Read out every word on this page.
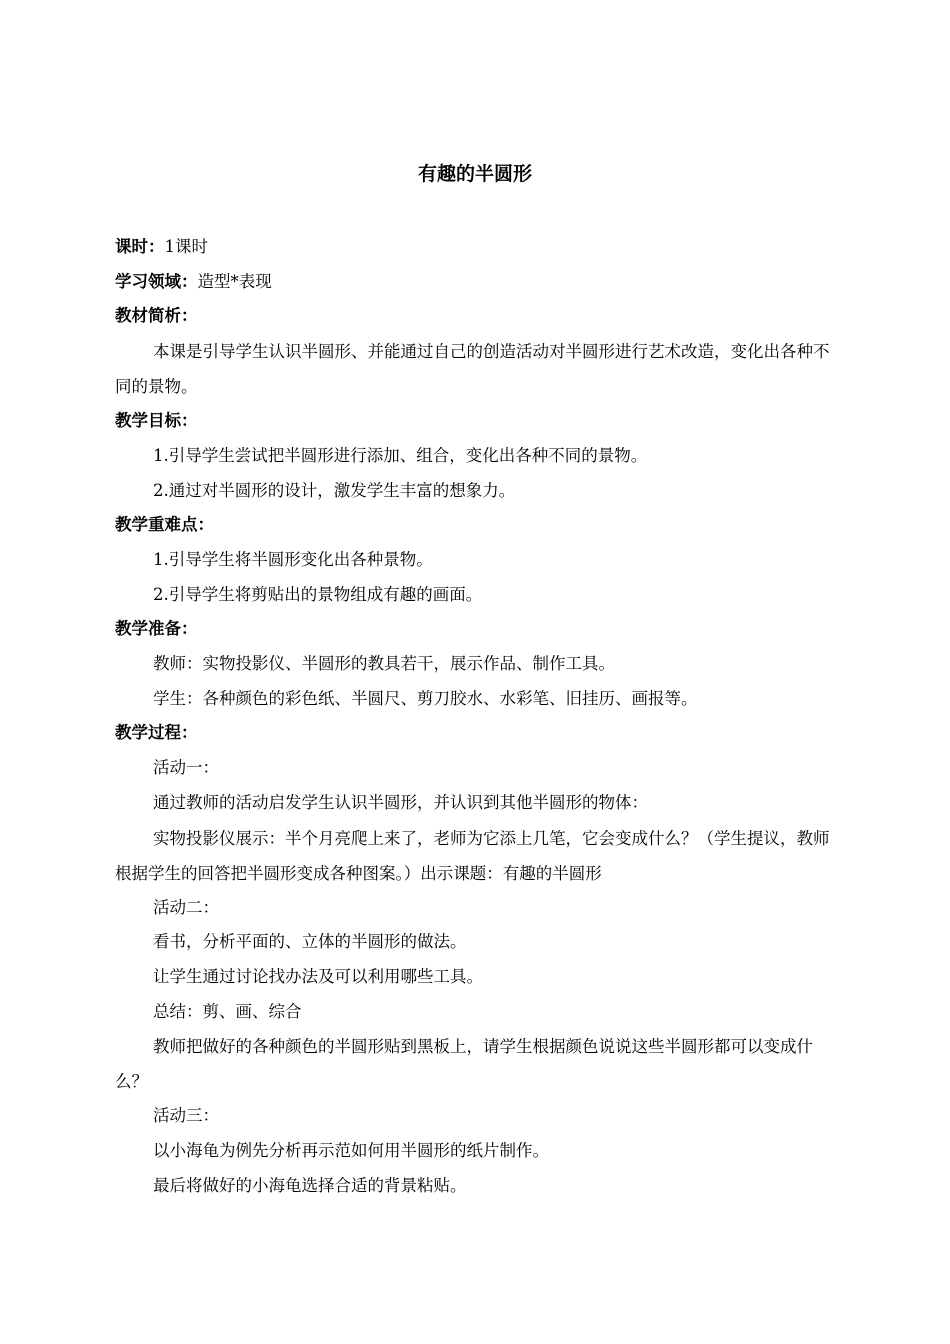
有趣的半圆形

课时：1课时

学习领域：造型*表现

教材简析：

本课是引导学生认识半圆形、并能通过自己的创造活动对半圆形进行艺术改造，变化出各种不同的景物。

教学目标：

1.引导学生尝试把半圆形进行添加、组合，变化出各种不同的景物。

2.通过对半圆形的设计，激发学生丰富的想象力。

教学重难点：

1.引导学生将半圆形变化出各种景物。

2.引导学生将剪贴出的景物组成有趣的画面。

教学准备：

教师：实物投影仪、半圆形的教具若干，展示作品、制作工具。

学生：各种颜色的彩色纸、半圆尺、剪刀胶水、水彩笔、旧挂历、画报等。

教学过程：

活动一：

通过教师的活动启发学生认识半圆形，并认识到其他半圆形的物体：

实物投影仪展示：半个月亮爬上来了，老师为它添上几笔，它会变成什么？（学生提议，教师根据学生的回答把半圆形变成各种图案。）出示课题：有趣的半圆形

活动二：

看书，分析平面的、立体的半圆形的做法。

让学生通过讨论找办法及可以利用哪些工具。

总结：剪、画、综合

教师把做好的各种颜色的半圆形贴到黑板上，请学生根据颜色说说这些半圆形都可以变成什么？

活动三：

以小海龟为例先分析再示范如何用半圆形的纸片制作。

最后将做好的小海龟选择合适的背景粘贴。
